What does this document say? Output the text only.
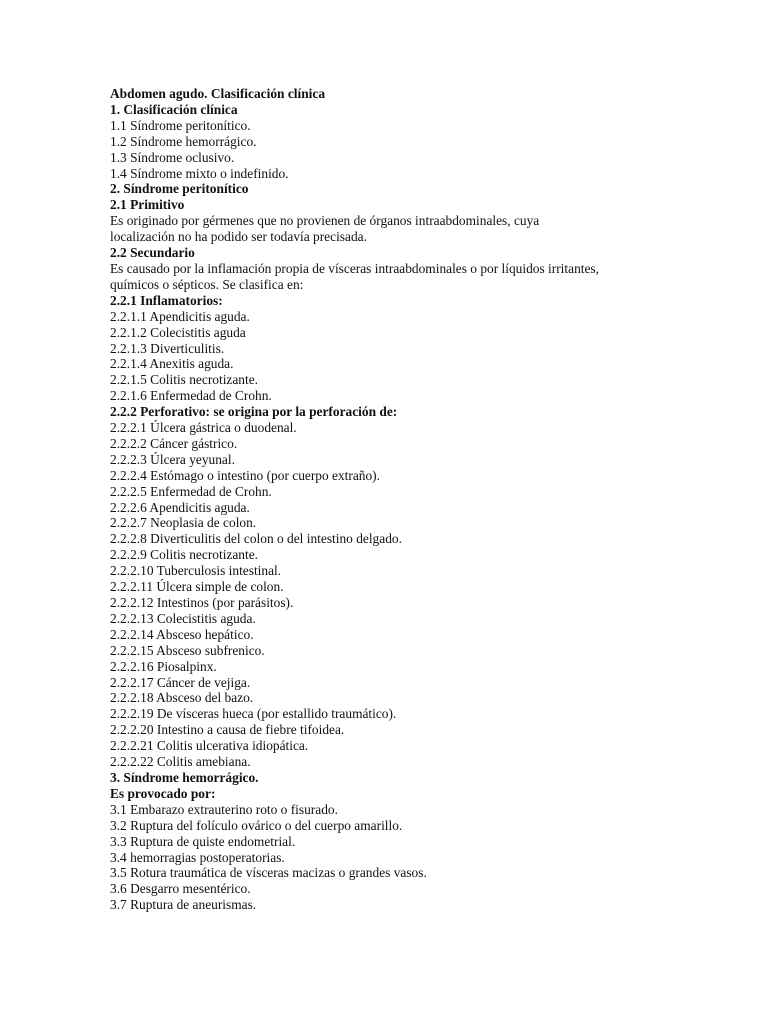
Abdomen agudo. Clasificación clínica
1. Clasificación clínica
1.1 Síndrome peritonítico.
1.2 Síndrome hemorrágico.
1.3 Síndrome oclusivo.
1.4 Síndrome mixto o indefinido.
2. Síndrome peritonítico
2.1 Primitivo
Es originado por gérmenes que no provienen de órganos intraabdominales, cuya
localización no ha podido ser todavía precisada.
2.2 Secundario
Es causado por la inflamación propia de vísceras intraabdominales o por líquidos irritantes,
químicos o sépticos. Se clasifica en:
2.2.1 Inflamatorios:
2.2.1.1 Apendicitis aguda.
2.2.1.2 Colecistitis aguda
2.2.1.3 Diverticulitis.
2.2.1.4 Anexitis aguda.
2.2.1.5 Colitis necrotizante.
2.2.1.6 Enfermedad de Crohn.
2.2.2 Perforativo: se origina por la perforación de:
2.2.2.1 Úlcera gástrica o duodenal.
2.2.2.2 Cáncer gástrico.
2.2.2.3 Úlcera yeyunal.
2.2.2.4 Estómago o intestino (por cuerpo extraño).
2.2.2.5 Enfermedad de Crohn.
2.2.2.6 Apendicitis aguda.
2.2.2.7 Neoplasia de colon.
2.2.2.8 Diverticulitis del colon o del intestino delgado.
2.2.2.9 Colitis necrotizante.
2.2.2.10 Tuberculosis intestinal.
2.2.2.11 Úlcera simple de colon.
2.2.2.12 Intestinos (por parásitos).
2.2.2.13 Colecistitis aguda.
2.2.2.14 Absceso hepático.
2.2.2.15 Absceso subfrenico.
2.2.2.16 Piosalpinx.
2.2.2.17 Cáncer de vejiga.
2.2.2.18 Absceso del bazo.
2.2.2.19 De vísceras hueca (por estallido traumático).
2.2.2.20 Intestino a causa de fiebre tifoidea.
2.2.2.21 Colitis ulcerativa idiopática.
2.2.2.22 Colitis amebiana.
3. Síndrome hemorrágico.
Es provocado por:
3.1 Embarazo extrauterino roto o fisurado.
3.2 Ruptura del folículo ovárico o del cuerpo amarillo.
3.3 Ruptura de quiste endometrial.
3.4 hemorragias postoperatorias.
3.5 Rotura traumática de vísceras macizas o grandes vasos.
3.6 Desgarro mesentérico.
3.7 Ruptura de aneurismas.
